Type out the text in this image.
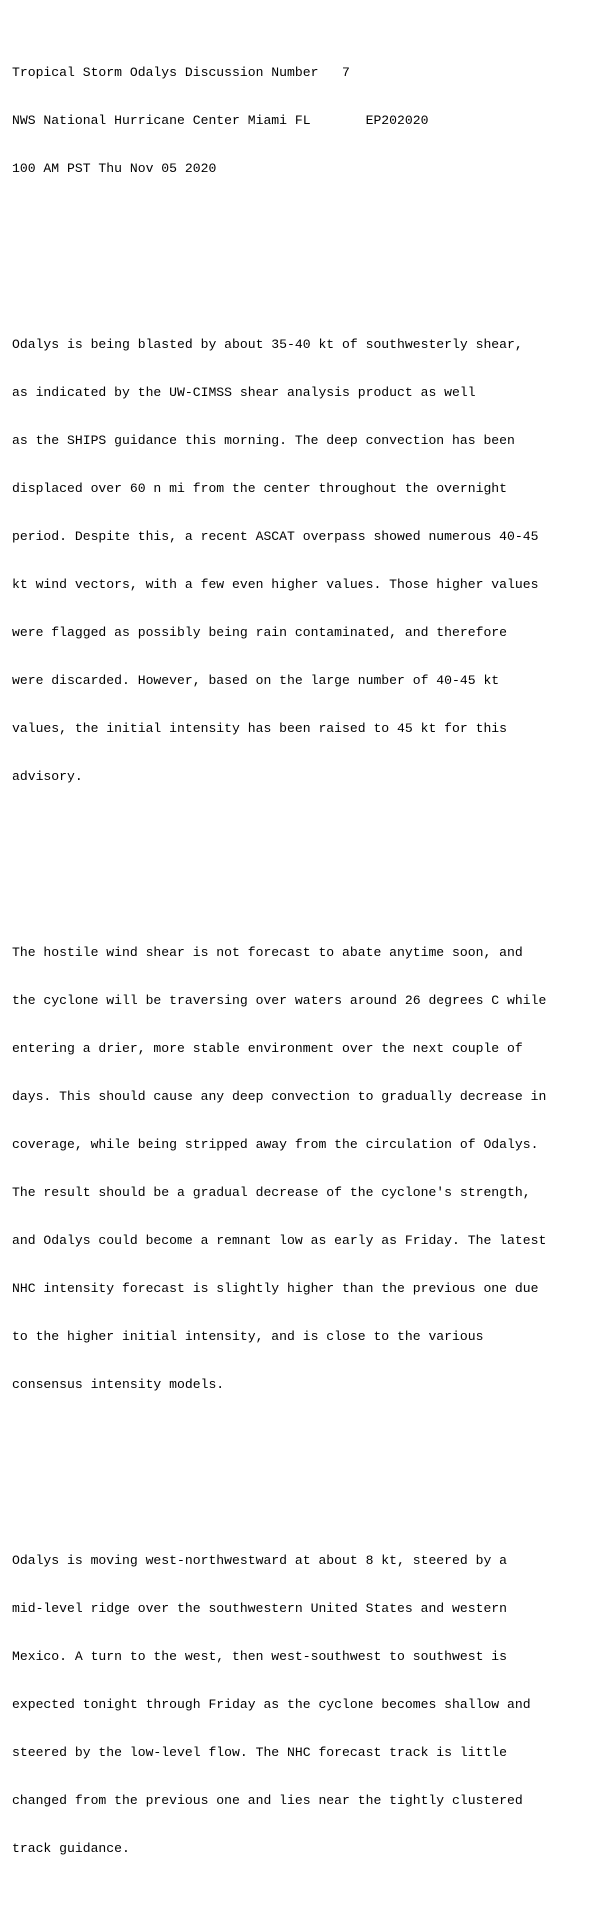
Tropical Storm Odalys Discussion Number   7

NWS National Hurricane Center Miami FL       EP202020

100 AM PST Thu Nov 05 2020

Odalys is being blasted by about 35-40 kt of southwesterly shear,

as indicated by the UW-CIMSS shear analysis product as well

as the SHIPS guidance this morning. The deep convection has been

displaced over 60 n mi from the center throughout the overnight

period. Despite this, a recent ASCAT overpass showed numerous 40-45

kt wind vectors, with a few even higher values. Those higher values

were flagged as possibly being rain contaminated, and therefore

were discarded. However, based on the large number of 40-45 kt

values, the initial intensity has been raised to 45 kt for this

advisory.

The hostile wind shear is not forecast to abate anytime soon, and

the cyclone will be traversing over waters around 26 degrees C while

entering a drier, more stable environment over the next couple of

days. This should cause any deep convection to gradually decrease in

coverage, while being stripped away from the circulation of Odalys.

The result should be a gradual decrease of the cyclone's strength,

and Odalys could become a remnant low as early as Friday. The latest

NHC intensity forecast is slightly higher than the previous one due

to the higher initial intensity, and is close to the various

consensus intensity models.

Odalys is moving west-northwestward at about 8 kt, steered by a

mid-level ridge over the southwestern United States and western

Mexico. A turn to the west, then west-southwest to southwest is

expected tonight through Friday as the cyclone becomes shallow and

steered by the low-level flow. The NHC forecast track is little

changed from the previous one and lies near the tightly clustered

track guidance.
